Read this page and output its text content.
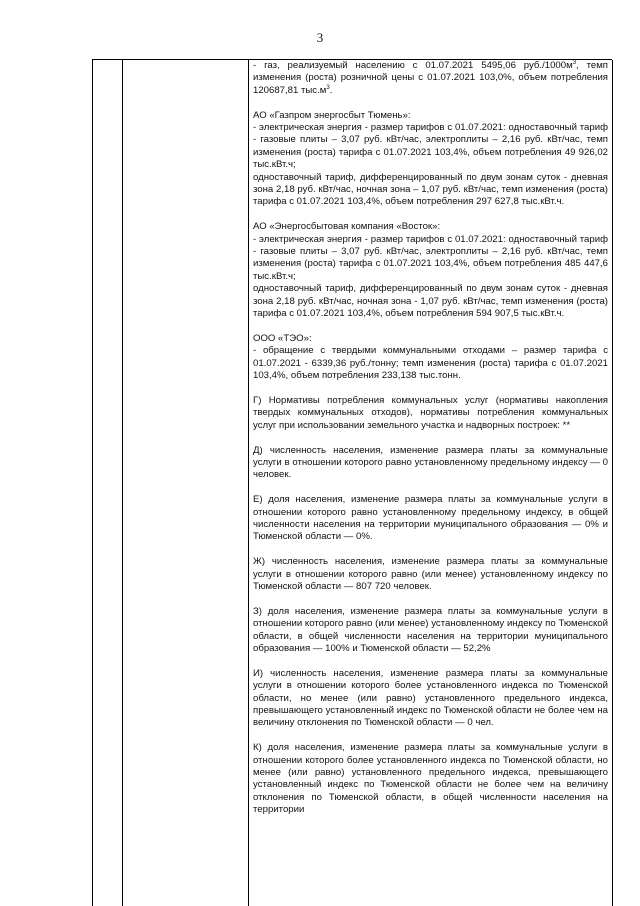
3

- газ, реализуемый населению с 01.07.2021 5495,06 $руб./1000м^3$, темп изменения (роста) розничной цены с 01.07.2021 103,0%, объем потребления 120687,81 $тыс.м^3$.

АО «Газпром энергосбыт Тюмень»:

- электрическая энергия - размер тарифов с 01.07.2021: одноставочный тариф - газовые плиты – 3,07 руб. кВт/час, электроплиты – 2,16 руб. кВт/час, темп изменения (роста) тарифа с 01.07.2021 103,4%, объем потребления 49 926,02 тыс.кВт.ч;

одноставочный тариф, дифференцированный по двум зонам суток - дневная зона 2,18 руб. кВт/час, ночная зона – 1,07 руб. кВт/час, темп изменения (роста) тарифа с 01.07.2021 103,4%, объем потребления 297 627,8 тыс.кВт.ч.

АО «Энергосбытовая компания «Восток»:

- электрическая энергия - размер тарифов с 01.07.2021: одноставочный тариф - газовые плиты – 3,07 руб. кВт/час, электроплиты – 2,16 руб. кВт/час, темп изменения (роста) тарифа с 01.07.2021 103,4%, объем потребления 485 447,6 тыс.кВт.ч;

одноставочный тариф, дифференцированный по двум зонам суток - дневная зона 2,18 руб. кВт/час, ночная зона - 1,07 руб. кВт/час, темп изменения (роста) тарифа с 01.07.2021 103,4%, объем потребления 594 907,5 тыс.кВт.ч.

ООО «ТЭО»:

- обращение с твердыми коммунальными отходами – размер тарифа с 01.07.2021 - 6339,36 руб./тонну; темп изменения (роста) тарифа с 01.07.2021 103,4%, объем потребления 233,138 тыс.тонн.

Г) Нормативы потребления коммунальных услуг (нормативы накопления твердых коммунальных отходов), нормативы потребления коммунальных услуг при использовании земельного участка и надворных построек: **

Д) численность населения, изменение размера платы за коммунальные услуги в отношении которого равно установленному предельному индексу — 0 человек.

Е) доля населения, изменение размера платы за коммунальные услуги в отношении которого равно установленному предельному индексу, в общей численности населения на территории муниципального образования — 0% и Тюменской области — 0%.

Ж) численность населения, изменение размера платы за коммунальные услуги в отношении которого равно (или менее) установленному индексу по Тюменской области — 807 720 человек.

З) доля населения, изменение размера платы за коммунальные услуги в отношении которого равно (или менее) установленному индексу по Тюменской области, в общей численности населения на территории муниципального образования — 100% и Тюменской области — 52,2%

И) численность населения, изменение размера платы за коммунальные услуги в отношении которого более установленного индекса по Тюменской области, но менее (или равно) установленного предельного индекса, превышающего установленный индекс по Тюменской области не более чем на величину отклонения по Тюменской области — 0 чел.

К) доля населения, изменение размера платы за коммунальные услуги в отношении которого более установленного индекса по Тюменской области, но менее (или равно) установленного предельного индекса, превышающего установленный индекс по Тюменской области не более чем на величину отклонения по Тюменской области, в общей численности населения на территории
